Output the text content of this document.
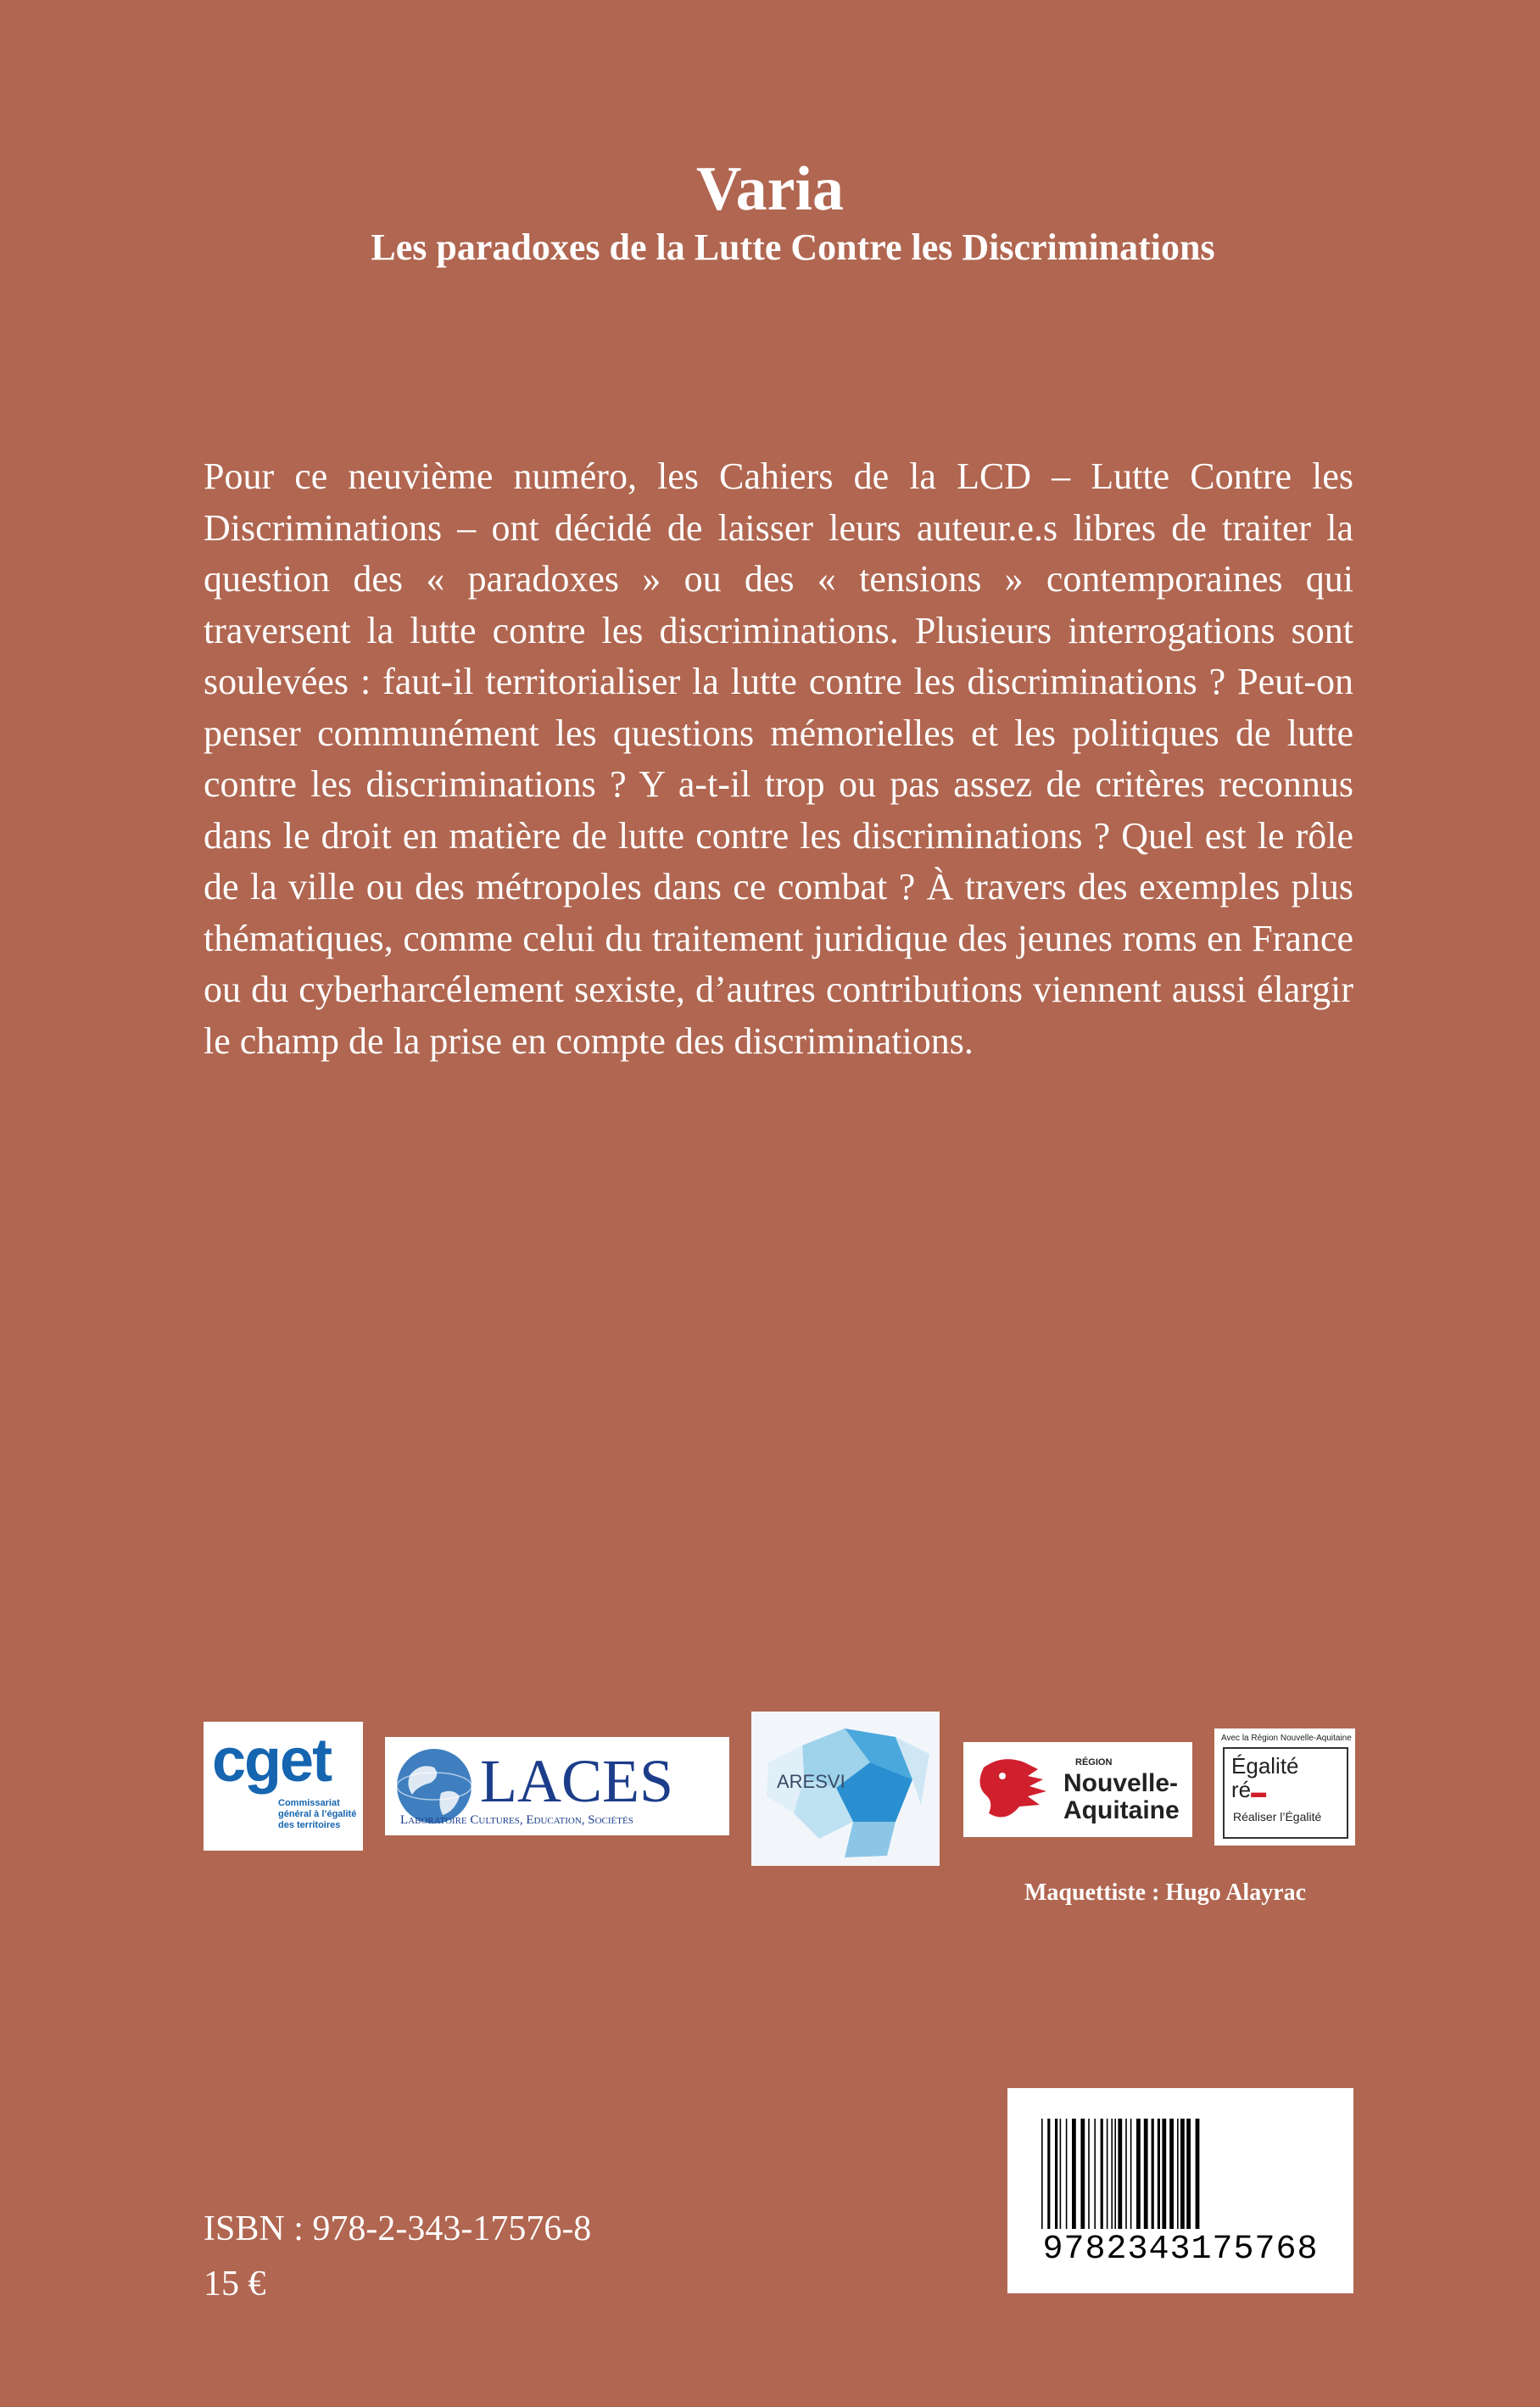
Varia
Les paradoxes de la Lutte Contre les Discriminations
Pour ce neuvième numéro, les Cahiers de la LCD – Lutte Contre les Discriminations – ont décidé de laisser leurs auteur.e.s libres de traiter la question des « paradoxes » ou des « tensions » contemporaines qui traversent la lutte contre les discriminations. Plusieurs interrogations sont soulevées : faut-il territorialiser la lutte contre les discriminations ? Peut-on penser communément les questions mémorielles et les politiques de lutte contre les discriminations ? Y a-t-il trop ou pas assez de critères reconnus dans le droit en matière de lutte contre les discriminations ? Quel est le rôle de la ville ou des métropoles dans ce combat ? À travers des exemples plus thématiques, comme celui du traitement juridique des jeunes roms en France ou du cyberharcélement sexiste, d’autres contributions viennent aussi élargir le champ de la prise en compte des discriminations.
cget
Commissariat général à l’égalité des territoires
LACES
Laboratoire Cultures, Education, Sociétés
ARESVI
RÉGION
Nouvelle-
Aquitaine
Avec la Région Nouvelle-Aquitaine
Égalité
ré▬
Réaliser l’Égalité
Maquettiste : Hugo Alayrac
ISBN : 978-2-343-17576-8
15 €
9782343175768
